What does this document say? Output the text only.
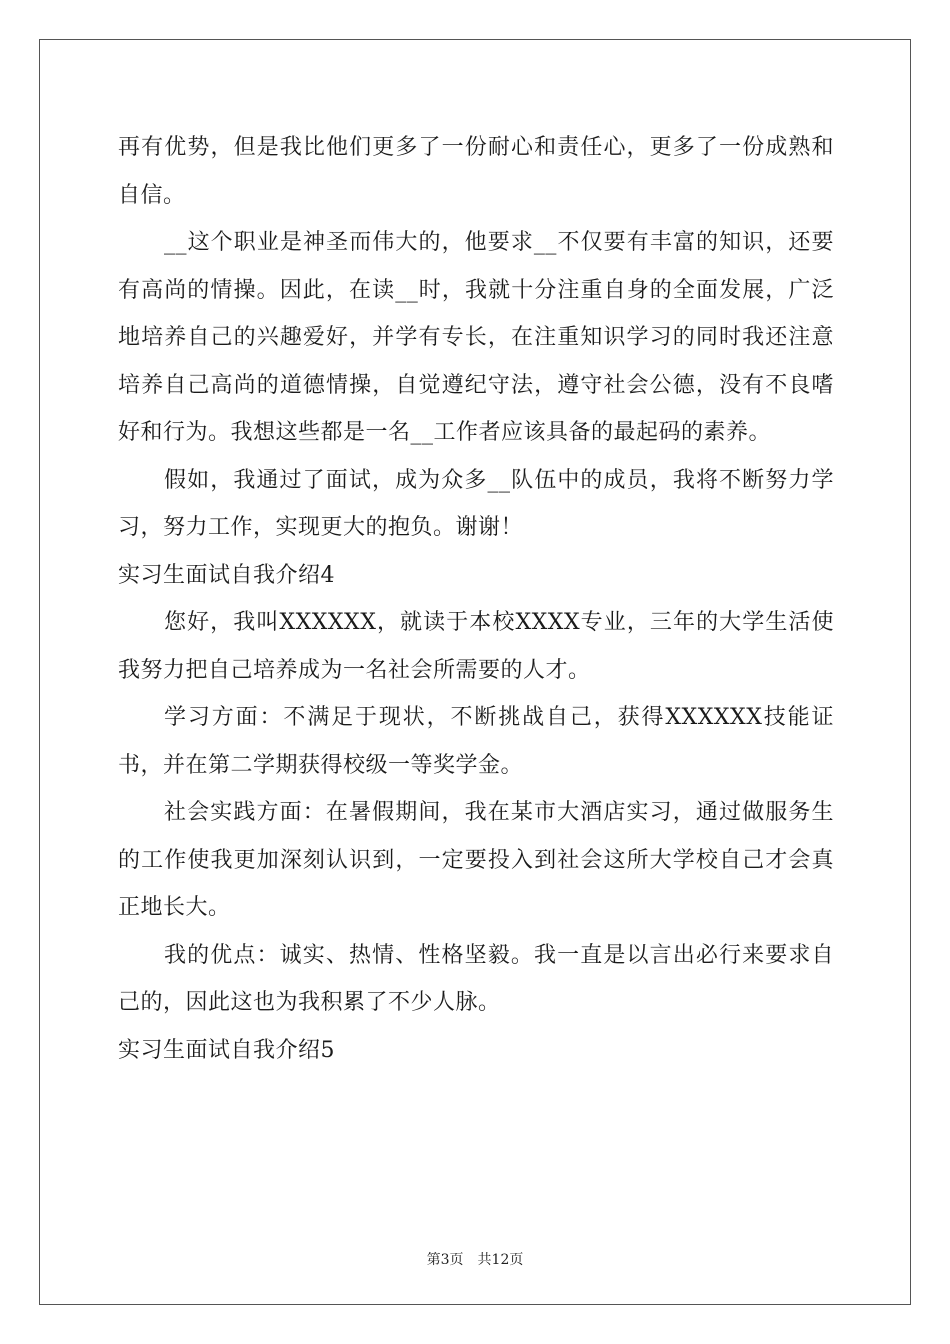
再有优势，但是我比他们更多了一份耐心和责任心，更多了一份成熟和自信。

__这个职业是神圣而伟大的，他要求__不仅要有丰富的知识，还要有高尚的情操。因此，在读__时，我就十分注重自身的全面发展，广泛地培养自己的兴趣爱好，并学有专长，在注重知识学习的同时我还注意培养自己高尚的道德情操，自觉遵纪守法，遵守社会公德，没有不良嗜好和行为。我想这些都是一名__工作者应该具备的最起码的素养。

假如，我通过了面试，成为众多__队伍中的成员，我将不断努力学习，努力工作，实现更大的抱负。谢谢！

实习生面试自我介绍4

您好，我叫XXXXXX，就读于本校XXXX专业，三年的大学生活使我努力把自己培养成为一名社会所需要的人才。

学习方面：不满足于现状，不断挑战自己，获得XXXXXX技能证书，并在第二学期获得校级一等奖学金。

社会实践方面：在暑假期间，我在某市大酒店实习，通过做服务生的工作使我更加深刻认识到，一定要投入到社会这所大学校自己才会真正地长大。

我的优点：诚实、热情、性格坚毅。我一直是以言出必行来要求自己的，因此这也为我积累了不少人脉。

实习生面试自我介绍5

第3页 共12页
